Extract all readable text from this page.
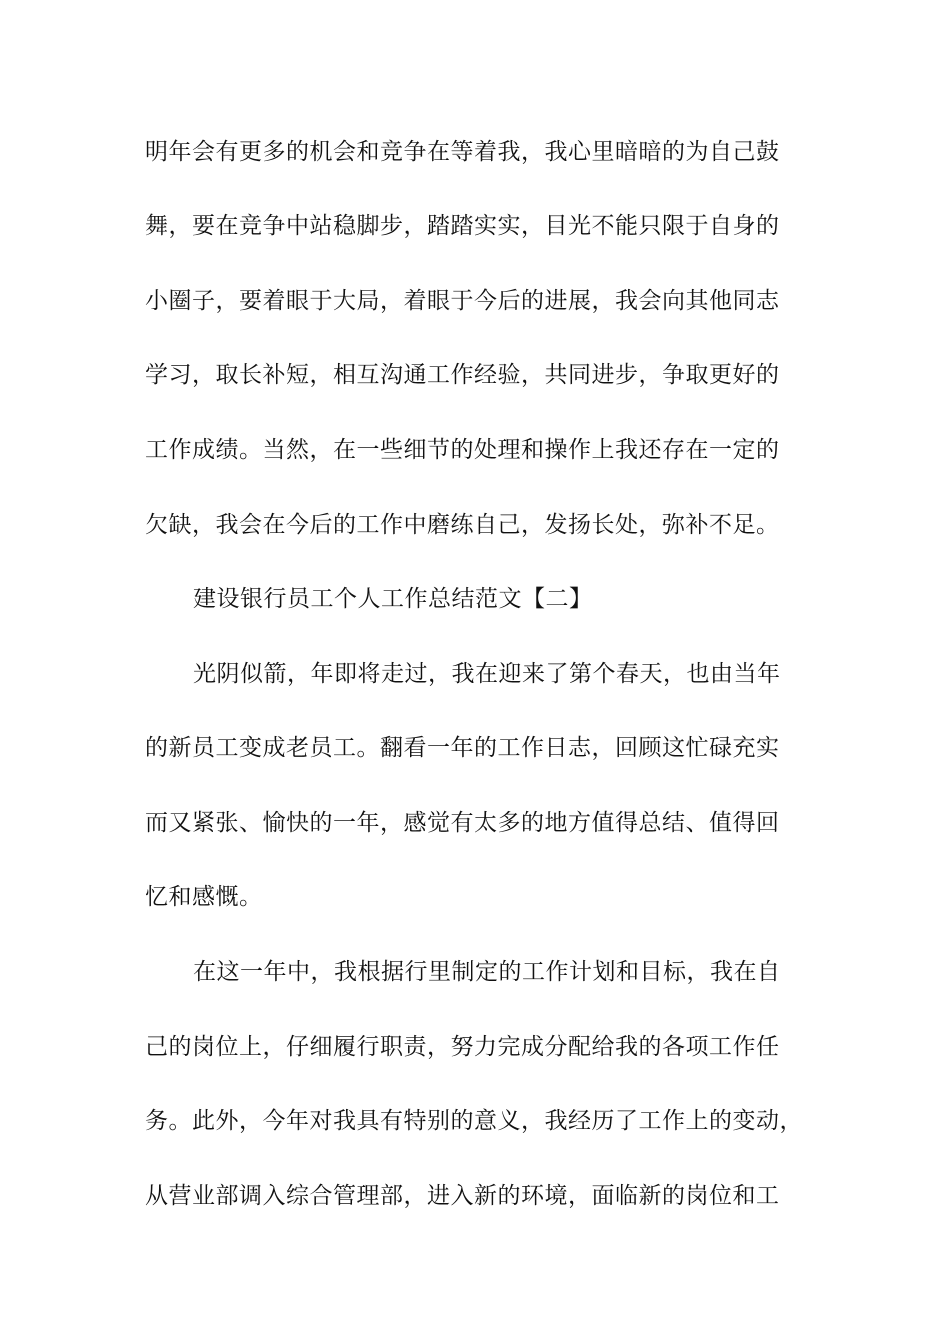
明年会有更多的机会和竞争在等着我，我心里暗暗的为自己鼓
舞，要在竞争中站稳脚步，踏踏实实，目光不能只限于自身的
小圈子，要着眼于大局，着眼于今后的进展，我会向其他同志
学习，取长补短，相互沟通工作经验，共同进步，争取更好的
工作成绩。当然，在一些细节的处理和操作上我还存在一定的
欠缺，我会在今后的工作中磨练自己，发扬长处，弥补不足。
建设银行员工个人工作总结范文【二】
光阴似箭，年即将走过，我在迎来了第个春天，也由当年
的新员工变成老员工。翻看一年的工作日志，回顾这忙碌充实
而又紧张、愉快的一年，感觉有太多的地方值得总结、值得回
忆和感慨。
在这一年中，我根据行里制定的工作计划和目标，我在自
己的岗位上，仔细履行职责，努力完成分配给我的各项工作任
务。此外，今年对我具有特别的意义，我经历了工作上的变动，
从营业部调入综合管理部，进入新的环境，面临新的岗位和工
